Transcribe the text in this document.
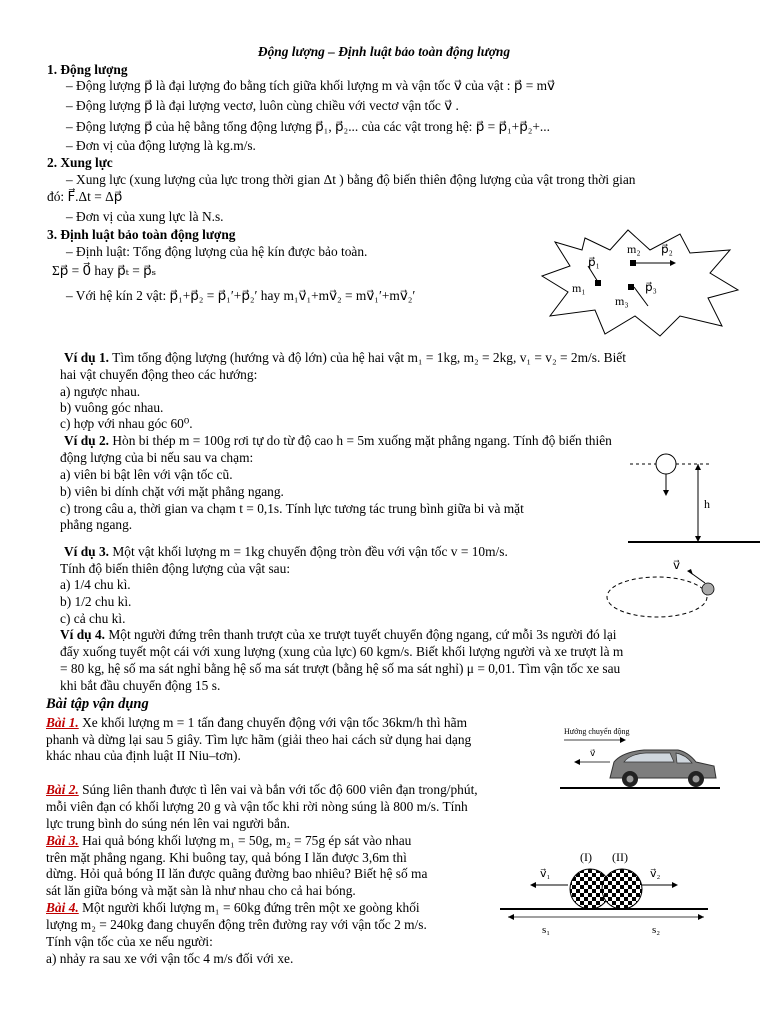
Động lượng – Định luật bảo toàn động lượng
1. Động lượng
– Động lượng p⃗ là đại lượng đo bằng tích giữa khối lượng m và vận tốc v⃗ của vật : p⃗ = mv⃗
– Động lượng p⃗ là đại lượng vectơ, luôn cùng chiều với vectơ vận tốc v⃗ .
– Động lượng p⃗ của hệ bằng tổng động lượng p⃗₁, p⃗₂... của các vật trong hệ: p⃗ = p⃗₁+p⃗₂+...
– Đơn vị của động lượng là kg.m/s.
2. Xung lực
– Xung lực (xung lượng của lực trong thời gian Δt ) bằng độ biến thiên động lượng của vật trong thời gian
đó: F⃗.Δt = Δp⃗
– Đơn vị của xung lực là N.s.
3. Định luật bảo toàn động lượng
– Định luật: Tổng động lượng của hệ kín được bảo toàn.
Σp⃗ = 0⃗ hay p⃗ₜ = p⃗ₛ
– Với hệ kín 2 vật: p⃗₁+p⃗₂ = p⃗₁′+p⃗₂′ hay m₁v⃗₁+mv⃗₂ = mv⃗₁′+mv⃗₂′
m₂ p⃗₂
p⃗₁
m₁	p⃗₃
m₃
Ví dụ 1. Tìm tổng động lượng (hướng và độ lớn) của hệ hai vật m₁ = 1kg, m₂ = 2kg, v₁ = v₂ = 2m/s. Biết
hai vật chuyển động theo các hướng:
a) ngược nhau.
b) vuông góc nhau.
c) hợp với nhau góc 60⁰.
Ví dụ 2. Hòn bi thép m = 100g rơi tự do từ độ cao h = 5m xuống mặt phẳng ngang. Tính độ biến thiên
động lượng của bi nếu sau va chạm:
a) viên bi bật lên với vận tốc cũ.
b) viên bi dính chặt với mặt phẳng ngang.
c) trong câu a, thời gian va chạm t = 0,1s. Tính lực tương tác trung bình giữa bi và mặt
phẳng ngang.
h
Ví dụ 3. Một vật khối lượng m = 1kg chuyển động tròn đều với vận tốc v = 10m/s.
Tính độ biến thiên động lượng của vật sau:
a) 1/4 chu kì.
b) 1/2 chu kì.
c) cả chu kì.
v⃗
Ví dụ 4. Một người đứng trên thanh trượt của xe trượt tuyết chuyển động ngang, cứ mỗi 3s người đó lại
đẩy xuống tuyết một cái với xung lượng (xung của lực) 60 kgm/s. Biết khối lượng người và xe trượt là m
= 80 kg, hệ số ma sát nghỉ bằng hệ số ma sát trượt (bằng hệ số ma sát nghỉ) μ = 0,01. Tìm vận tốc xe sau
khi bắt đầu chuyển động 15 s.
Bài tập vận dụng
Bài 1. Xe khối lượng m = 1 tấn đang chuyển động với vận tốc 36km/h thì hãm
phanh và dừng lại sau 5 giây. Tìm lực hãm (giải theo hai cách sử dụng hai dạng
khác nhau của định luật II Niu–tơn).
Hướng chuyển động
v⃗
Bài 2. Súng liên thanh được tì lên vai và bắn với tốc độ 600 viên đạn trong/phút,
mỗi viên đạn có khối lượng 20 g và vận tốc khi rời nòng súng là 800 m/s. Tính
lực trung bình do súng nén lên vai người bắn.
Bài 3. Hai quả bóng khối lượng m₁ = 50g, m₂ = 75g ép sát vào nhau
trên mặt phẳng ngang. Khi buông tay, quả bóng I lăn được 3,6m thì
dừng. Hỏi quả bóng II lăn được quãng đường bao nhiêu? Biết hệ số ma
sát lăn giữa bóng và mặt sàn là như nhau cho cả hai bóng.
(I) (II)
v⃗₁	v⃗₂
s₁	s₂
Bài 4. Một người khối lượng m₁ = 60kg đứng trên một xe goòng khối
lượng m₂ = 240kg đang chuyển động trên đường ray với vận tốc 2 m/s.
Tính vận tốc của xe nếu người:
a) nhảy ra sau xe với vận tốc 4 m/s đối với xe.
